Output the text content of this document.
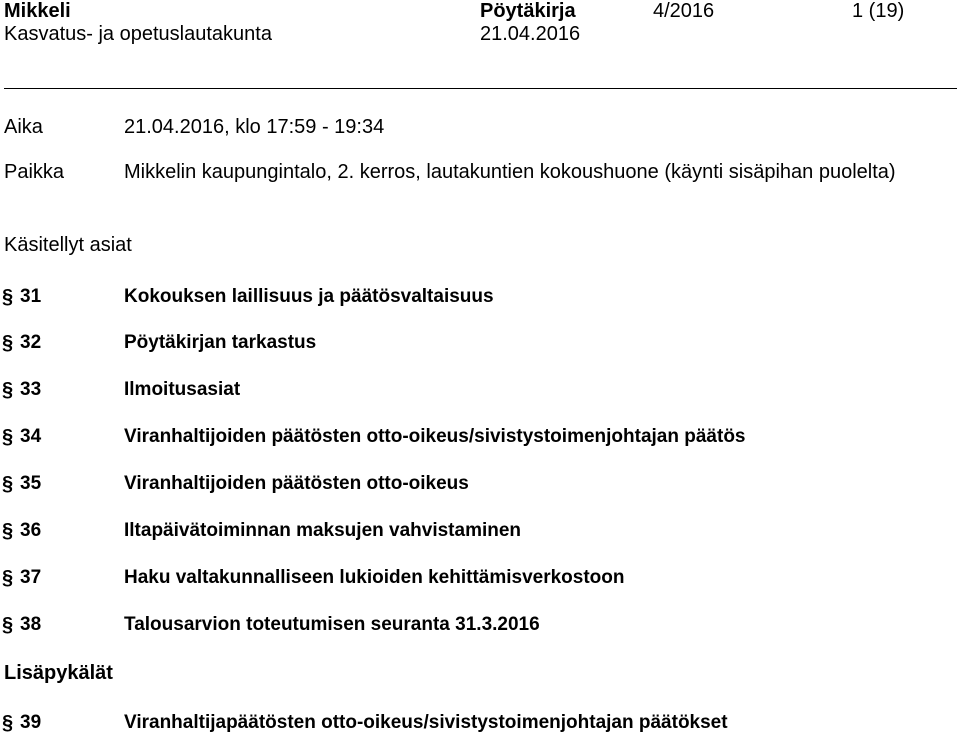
Mikkeli
Kasvatus- ja opetuslautakunta
Pöytäkirja
21.04.2016
4/2016	1 (19)
Aika	21.04.2016, klo 17:59 - 19:34
Paikka	Mikkelin kaupungintalo, 2. kerros, lautakuntien kokoushuone (käynti sisäpihan puolelta)
Käsitellyt asiat
§ 31	Kokouksen laillisuus ja päätösvaltaisuus
§ 32	Pöytäkirjan tarkastus
§ 33	Ilmoitusasiat
§ 34	Viranhaltijoiden päätösten otto-oikeus/sivistystoimenjohtajan päätös
§ 35	Viranhaltijoiden päätösten otto-oikeus
§ 36	Iltapäivätoiminnan maksujen vahvistaminen
§ 37	Haku valtakunnalliseen lukioiden kehittämisverkostoon
§ 38	Talousarvion toteutumisen seuranta 31.3.2016
Lisäpykälät
§ 39	Viranhaltijapäätösten otto-oikeus/sivistystoimenjohtajan päätökset
